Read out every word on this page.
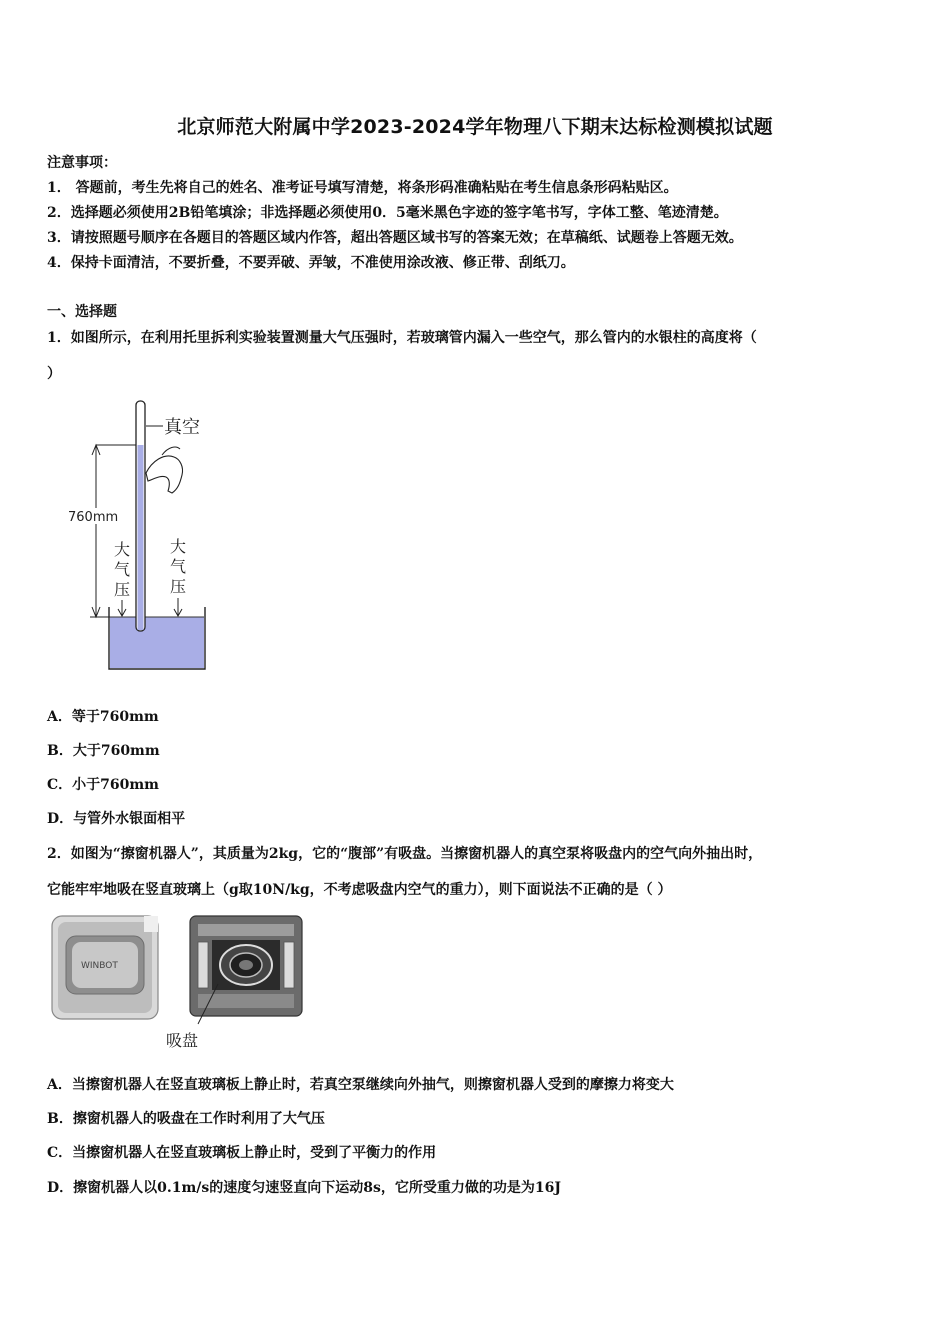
北京师范大附属中学2023-2024学年物理八下期末达标检测模拟试题
注意事项：
1． 答题前，考生先将自己的姓名、准考证号填写清楚，将条形码准确粘贴在考生信息条形码粘贴区。
2．选择题必须使用2B铅笔填涂；非选择题必须使用0．5毫米黑色字迹的签字笔书写，字体工整、笔迹清楚。
3．请按照题号顺序在各题目的答题区域内作答，超出答题区域书写的答案无效；在草稿纸、试题卷上答题无效。
4．保持卡面清洁，不要折叠，不要弄破、弄皱，不准使用涂改液、修正带、刮纸刀。
一、选择题
1．如图所示，在利用托里拆利实验装置测量大气压强时，若玻璃管内漏入一些空气，那么管内的水银柱的高度将（
）
真空
760mm
大
气
压
大
气
压
A．等于760mm
B．大于760mm
C．小于760mm
D．与管外水银面相平
2．如图为“擦窗机器人”，其质量为2kg，它的“腹部”有吸盘。当擦窗机器人的真空泵将吸盘内的空气向外抽出时，
它能牢牢地吸在竖直玻璃上（g取10N/kg，不考虑吸盘内空气的重力），则下面说法不正确的是（ ）
WINBOT
吸盘
A．当擦窗机器人在竖直玻璃板上静止时，若真空泵继续向外抽气，则擦窗机器人受到的摩擦力将变大
B．擦窗机器人的吸盘在工作时利用了大气压
C．当擦窗机器人在竖直玻璃板上静止时，受到了平衡力的作用
D．擦窗机器人以0.1m/s的速度匀速竖直向下运动8s，它所受重力做的功是为16J
